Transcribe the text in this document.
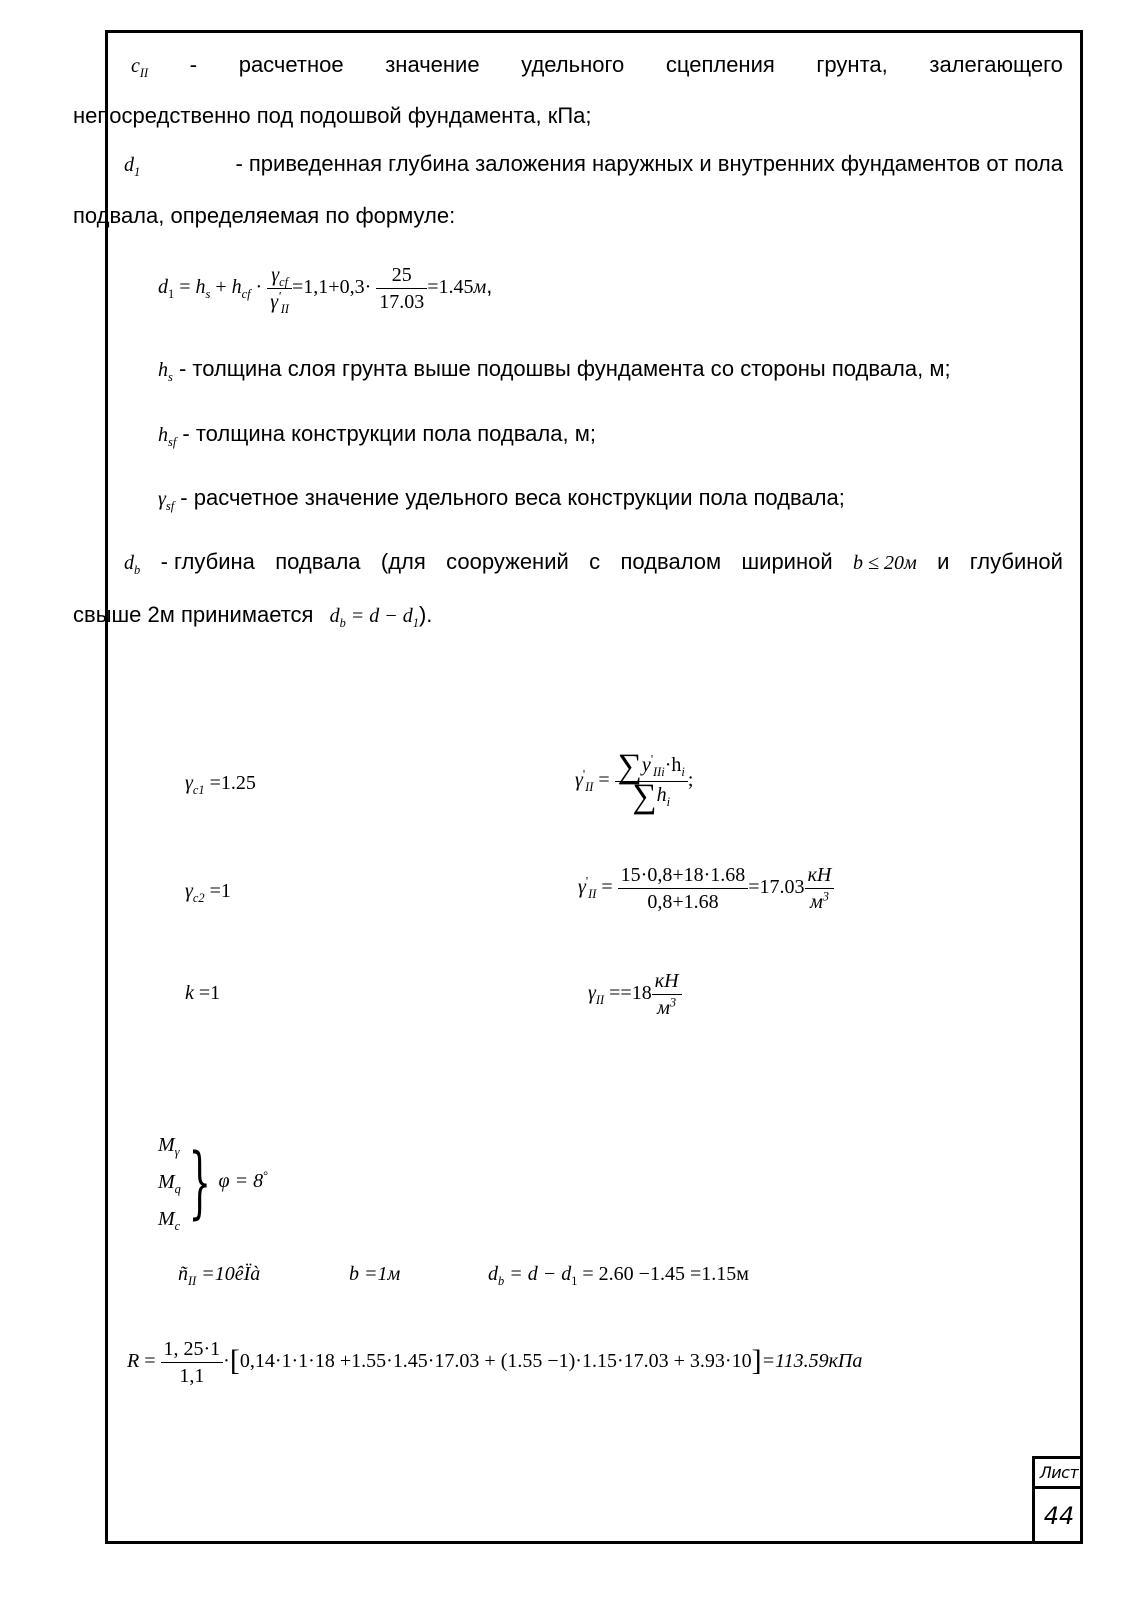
$c_{II}$ - расчетное значение удельного сцепления грунта, залегающего
непосредственно под подошвой фундамента, кПа;
$d_1$	- приведенная глубина заложения наружных и внутренних фундаментов от пола
подвала, определяемая по формуле:
$d_1 = h_s + h_{cf} \cdot \frac{\gamma_{cf}}{\gamma'_{II}} =1,1+0,3\cdot \frac{25}{17.03} =1.45м$,
$h_s$ - толщина слоя грунта выше подошвы фундамента со стороны подвала, м;
$h_{sf}$ - толщина конструкции пола подвала, м;
$\gamma_{sf}$ - расчетное значение удельного веса конструкции пола подвала;
$d_b$ - глубина подвала (для сооружений с подвалом шириной b ≤ 20м и глубиной
свыше 2м принимается $d_b = d - d_1$).
$\gamma_{c1} =1.25$
$\gamma_{c2} =1$
k =1
$\gamma'_{II} = \frac{\sum y'_{IIi}\cdot h_i}{\sum h_i}$ ;
$\gamma'_{II} = \frac{15\cdot 0,8+18\cdot 1.68}{0,8+1.68} =17.03 \frac{кН}{м^3}$
$\gamma_{II} ==18 \frac{кН}{м^3}$
$M_\gamma$
$M_q$
$M_c$ } φ = 8°
$ñ_{II}$ =10êÏà	b =1м	$d_b = d - d_1 = 2.60 -1.45 =1.15м$
$R = \frac{1, 25\cdot 1}{1,1} \cdot[0,14\cdot 1\cdot 1\cdot 18 +1.55\cdot 1.45\cdot 17.03 + (1.55 -1)\cdot 1.15\cdot 17.03 + 3.93\cdot 10]=113.59кПа$
Лист
44
